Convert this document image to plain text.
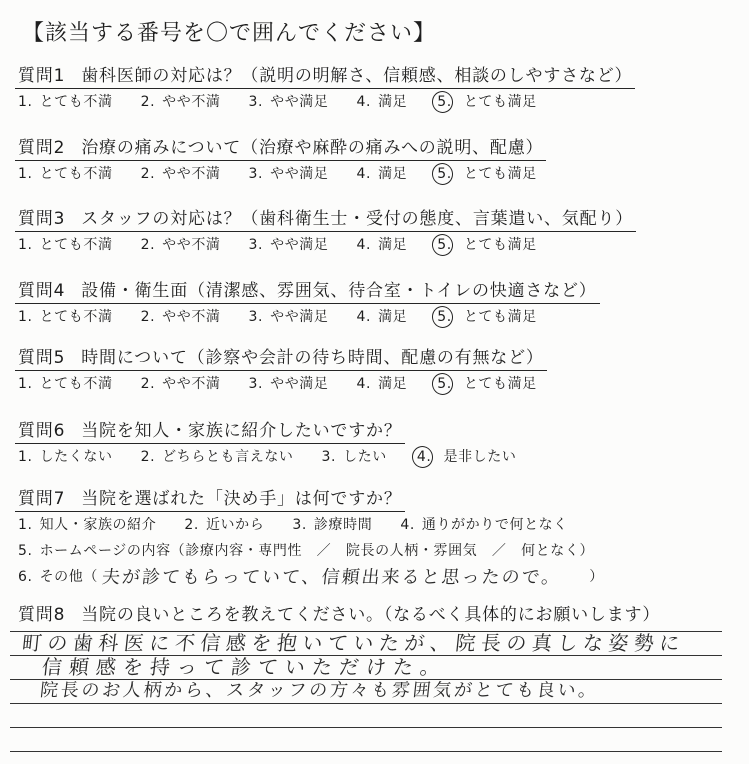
【該当する番号を〇で囲んでください】
質問1 歯科医師の対応は？（説明の明解さ、信頼感、相談のしやすさなど）
1. とても不満 2. やや不満 3. やや満足 4. 満足 5. とても満足
質問2 治療の痛みについて（治療や麻酔の痛みへの説明、配慮）
1. とても不満 2. やや不満 3. やや満足 4. 満足 5. とても満足
質問3 スタッフの対応は？（歯科衛生士・受付の態度、言葉遣い、気配り）
1. とても不満 2. やや不満 3. やや満足 4. 満足 5. とても満足
質問4 設備・衛生面（清潔感、雰囲気、待合室・トイレの快適さなど）
1. とても不満 2. やや不満 3. やや満足 4. 満足 5. とても満足
質問5 時間について（診察や会計の待ち時間、配慮の有無など）
1. とても不満 2. やや不満 3. やや満足 4. 満足 5. とても満足
質問6 当院を知人・家族に紹介したいですか？
1. したくない 2. どちらとも言えない 3. したい 4. 是非したい
質問7 当院を選ばれた「決め手」は何ですか？
1. 知人・家族の紹介 2. 近いから 3. 診療時間 4. 通りがかりで何となく
5. ホームページの内容（診療内容・専門性　／　院長の人柄・雰囲気　／　何となく）
6. その他（ 夫が診てもらっていて、信頼出来ると思ったので。 ）
質問8 当院の良いところを教えてください。（なるべく具体的にお願いします）
町の歯科医に不信感を抱いていたが、院長の真しな姿勢に
信頼感を持って診ていただけた。
院長のお人柄から、スタッフの方々も雰囲気がとても良い。
